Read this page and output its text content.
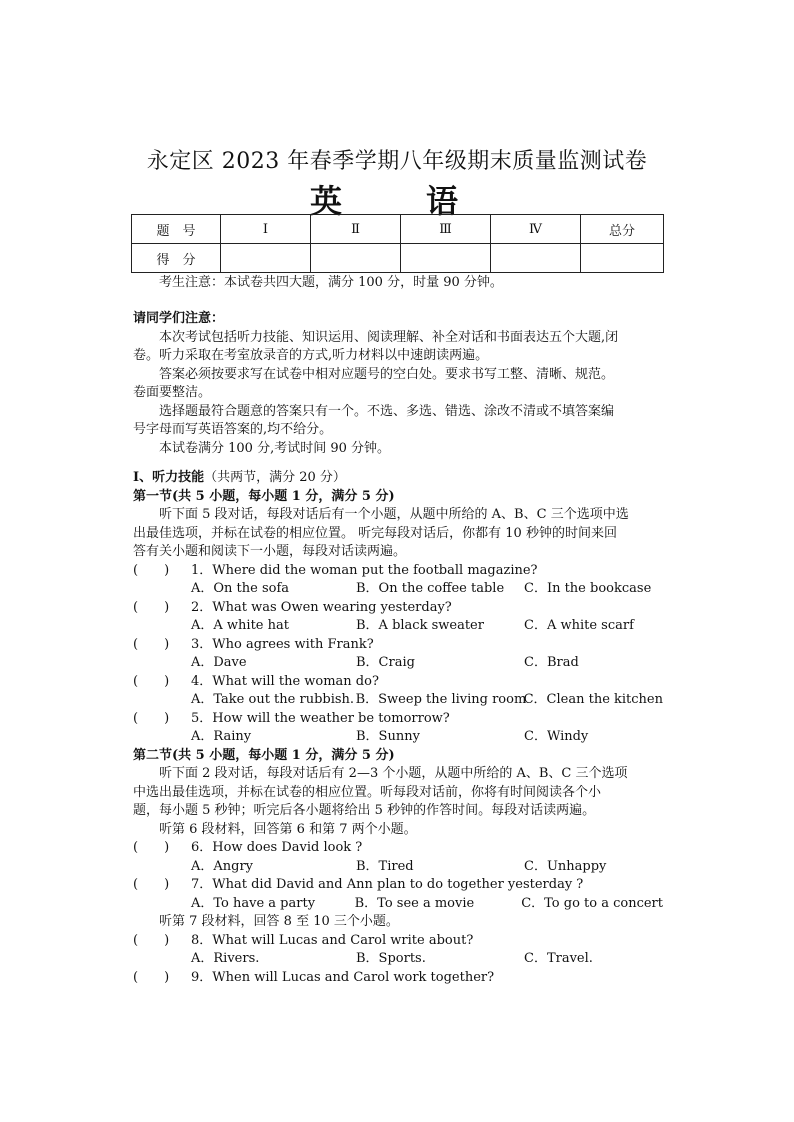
永定区 2023 年春季学期八年级期末质量监测试卷
英　语
题　号	Ⅰ	Ⅱ	Ⅲ	Ⅳ	总分
得　分					
考生注意：本试卷共四大题，满分 100 分，时量 90 分钟。
请同学们注意：
本次考试包括听力技能、知识运用、阅读理解、补全对话和书面表达五个大题,闭
卷。听力采取在考室放录音的方式,听力材料以中速朗读两遍。
答案必须按要求写在试卷中相对应题号的空白处。要求书写工整、清晰、规范。
卷面要整洁。
选择题最符合题意的答案只有一个。不选、多选、错选、涂改不清或不填答案编
号字母而写英语答案的,均不给分。
本试卷满分 100 分,考试时间 90 分钟。
Ⅰ、听力技能（共两节，满分 20 分）
第一节(共 5 小题，每小题 1 分，满分 5 分)
听下面 5 段对话，每段对话后有一个小题，从题中所给的 A、B、C 三个选项中选
出最佳选项，并标在试卷的相应位置。 听完每段对话后，你都有 10 秒钟的时间来回
答有关小题和阅读下一小题，每段对话读两遍。
(　　)	1．Where did the woman put the football magazine?
A．On the sofa	B．On the coffee table	C．In the bookcase
(　　)	2．What was Owen wearing yesterday?
A．A white hat	B．A black sweater	C．A white scarf
(　　)	3．Who agrees with Frank?
A．Dave	B．Craig	C．Brad
(　　)	4．What will the woman do?
A．Take out the rubbish. B．Sweep the living room
C．Clean the kitchen
(　　)	5．How will the weather be tomorrow?
A．Rainy	B．Sunny	C．Windy
第二节(共 5 小题，每小题 1 分，满分 5 分)
听下面 2 段对话，每段对话后有 2—3 个小题，从题中所给的 A、B、C 三个选项
中选出最佳选项，并标在试卷的相应位置。听每段对话前，你将有时间阅读各个小
题，每小题 5 秒钟；听完后各小题将给出 5 秒钟的作答时间。每段对话读两遍。
听第 6 段材料，回答第 6 和第 7 两个小题。
(　　)	6．How does David look ?
A．Angry	B．Tired	C．Unhappy
(　　)	7．What did David and Ann plan to do together yesterday ?
A．To have a party	B．To see a movie	C．To go to a concert
听第 7 段材料，回答 8 至 10 三个小题。
(　　)	8．What will Lucas and Carol write about?
A．Rivers.	B．Sports.	C．Travel.
(　　)	9．When will Lucas and Carol work together?
